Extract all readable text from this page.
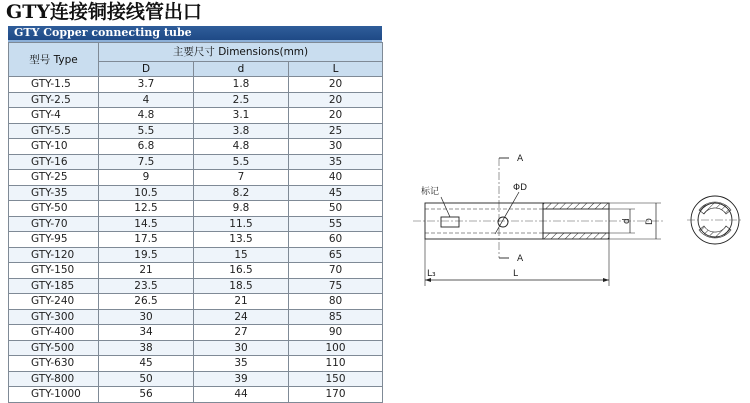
GTY连接铜接线管出口
GTY Copper connecting tube
型号 Type	主要尺寸 Dimensions(mm)		
	D	d	L
GTY-1.5	3.7	1.8	20
GTY-2.5	4	2.5	20
GTY-4	4.8	3.1	20
GTY-5.5	5.5	3.8	25
GTY-10	6.8	4.8	30
GTY-16	7.5	5.5	35
GTY-25	9	7	40
GTY-35	10.5	8.2	45
GTY-50	12.5	9.8	50
GTY-70	14.5	11.5	55
GTY-95	17.5	13.5	60
GTY-120	19.5	15	65
GTY-150	21	16.5	70
GTY-185	23.5	18.5	75
GTY-240	26.5	21	80
GTY-300	30	24	85
GTY-400	34	27	90
GTY-500	38	30	100
GTY-630	45	35	110
GTY-800	50	39	150
GTY-1000	56	44	170
标记	ΦD
A
A
d D
L₃	L
